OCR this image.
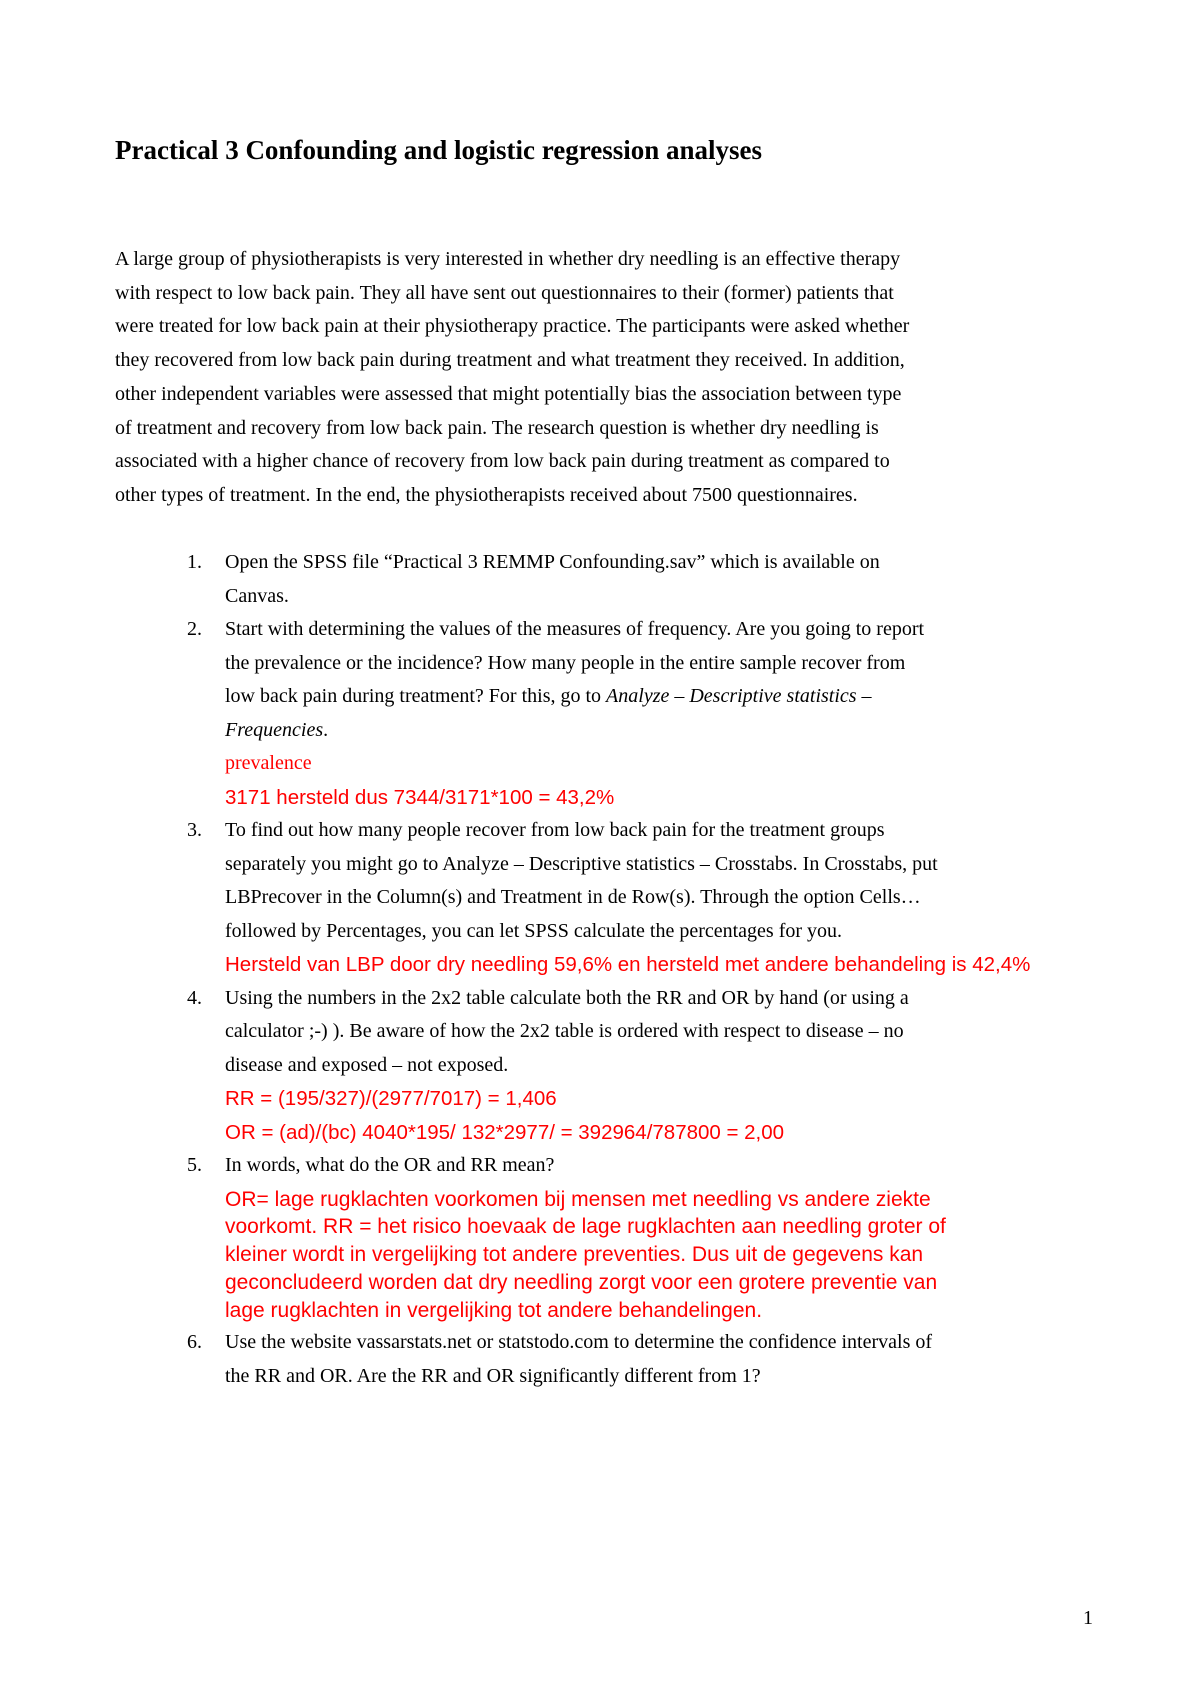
Practical 3 Confounding and logistic regression analyses

A large group of physiotherapists is very interested in whether dry needling is an effective therapy
with respect to low back pain. They all have sent out questionnaires to their (former) patients that
were treated for low back pain at their physiotherapy practice. The participants were asked whether
they recovered from low back pain during treatment and what treatment they received. In addition,
other independent variables were assessed that might potentially bias the association between type
of treatment and recovery from low back pain. The research question is whether dry needling is
associated with a higher chance of recovery from low back pain during treatment as compared to
other types of treatment. In the end, the physiotherapists received about 7500 questionnaires.

1. Open the SPSS file “Practical 3 REMMP Confounding.sav” which is available on
Canvas.
2. Start with determining the values of the measures of frequency. Are you going to report
the prevalence or the incidence? How many people in the entire sample recover from
low back pain during treatment? For this, go to Analyze – Descriptive statistics –
Frequencies.
prevalence
3171 hersteld dus 7344/3171*100 = 43,2%
3. To find out how many people recover from low back pain for the treatment groups
separately you might go to Analyze – Descriptive statistics – Crosstabs. In Crosstabs, put
LBPrecover in the Column(s) and Treatment in de Row(s). Through the option Cells…
followed by Percentages, you can let SPSS calculate the percentages for you.
Hersteld van LBP door dry needling 59,6% en hersteld met andere behandeling is 42,4%
4. Using the numbers in the 2x2 table calculate both the RR and OR by hand (or using a
calculator ;-) ). Be aware of how the 2x2 table is ordered with respect to disease – no
disease and exposed – not exposed.
RR = (195/327)/(2977/7017) = 1,406
OR = (ad)/(bc) 4040*195/ 132*2977/ = 392964/787800 = 2,00
5. In words, what do the OR and RR mean?
OR= lage rugklachten voorkomen bij mensen met needling vs andere ziekte
voorkomt. RR = het risico hoevaak de lage rugklachten aan needling groter of
kleiner wordt in vergelijking tot andere preventies. Dus uit de gegevens kan
geconcludeerd worden dat dry needling zorgt voor een grotere preventie van
lage rugklachten in vergelijking tot andere behandelingen.
6. Use the website vassarstats.net or statstodo.com to determine the confidence intervals of
the RR and OR. Are the RR and OR significantly different from 1?
1
